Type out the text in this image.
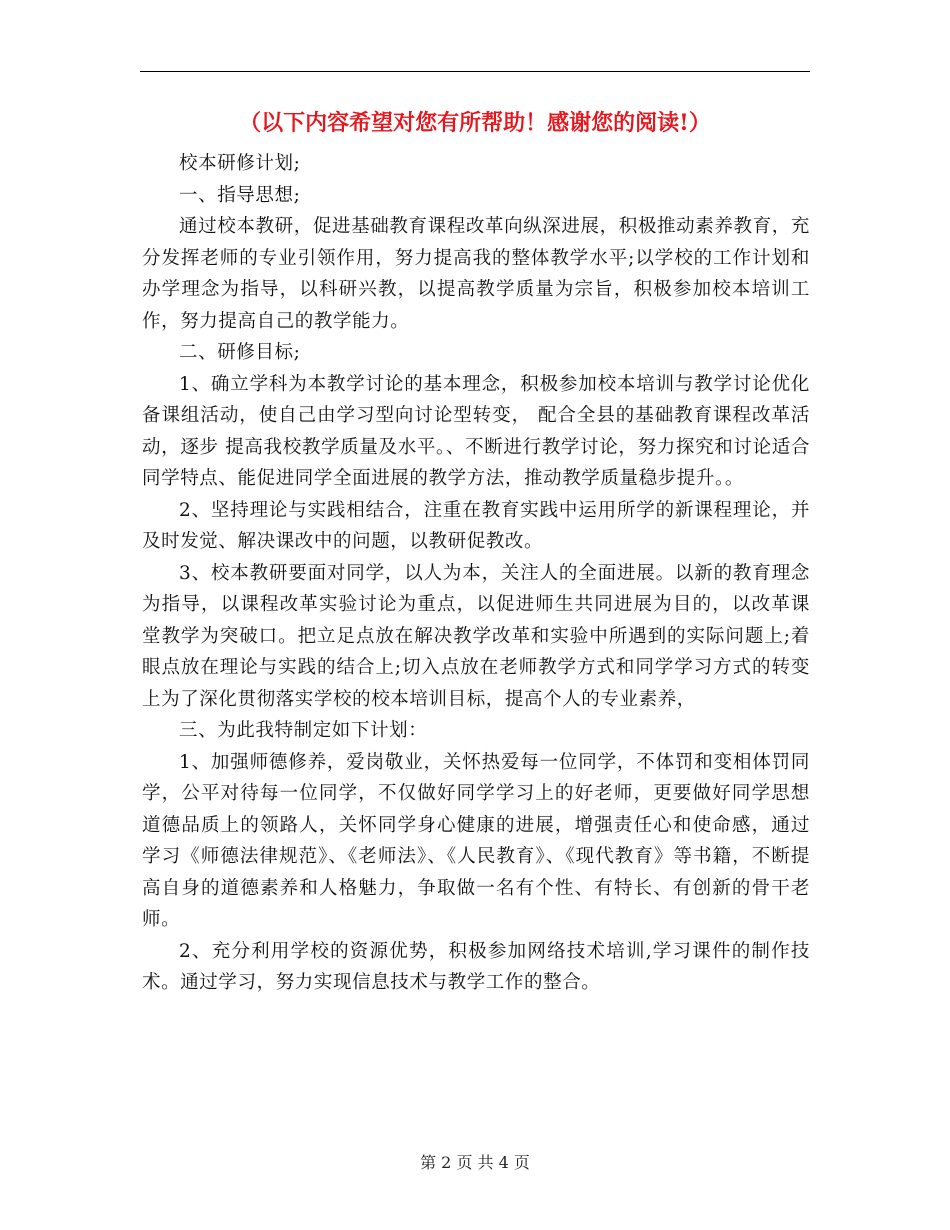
（以下内容希望对您有所帮助！感谢您的阅读!）

校本研修计划;

一、指导思想;

通过校本教研，促进基础教育课程改革向纵深进展，积极推动素养教育，充分发挥老师的专业引领作用，努力提高我的整体教学水平;以学校的工作计划和办学理念为指导，以科研兴教，以提高教学质量为宗旨，积极参加校本培训工作，努力提高自己的教学能力。

二、研修目标;

1、确立学科为本教学讨论的基本理念，积极参加校本培训与教学讨论优化备课组活动，使自己由学习型向讨论型转变， 配合全县的基础教育课程改革活动，逐步 提高我校教学质量及水平。、不断进行教学讨论，努力探究和讨论适合同学特点、能促进同学全面进展的教学方法，推动教学质量稳步提升。。

2、坚持理论与实践相结合，注重在教育实践中运用所学的新课程理论，并及时发觉、解决课改中的问题，以教研促教改。

3、校本教研要面对同学，以人为本，关注人的全面进展。以新的教育理念为指导，以课程改革实验讨论为重点，以促进师生共同进展为目的，以改革课堂教学为突破口。把立足点放在解决教学改革和实验中所遇到的实际问题上;着眼点放在理论与实践的结合上;切入点放在老师教学方式和同学学习方式的转变上为了深化贯彻落实学校的校本培训目标，提高个人的专业素养，

三、为此我特制定如下计划：

1、加强师德修养，爱岗敬业，关怀热爱每一位同学，不体罚和变相体罚同学，公平对待每一位同学，不仅做好同学学习上的好老师，更要做好同学思想道德品质上的领路人，关怀同学身心健康的进展，增强责任心和使命感，通过学习《师德法律规范》、《老师法》、《人民教育》、《现代教育》等书籍，不断提高自身的道德素养和人格魅力，争取做一名有个性、有特长、有创新的骨干老师。

2、充分利用学校的资源优势，积极参加网络技术培训,学习课件的制作技术。通过学习，努力实现信息技术与教学工作的整合。

第 2 页 共 4 页
